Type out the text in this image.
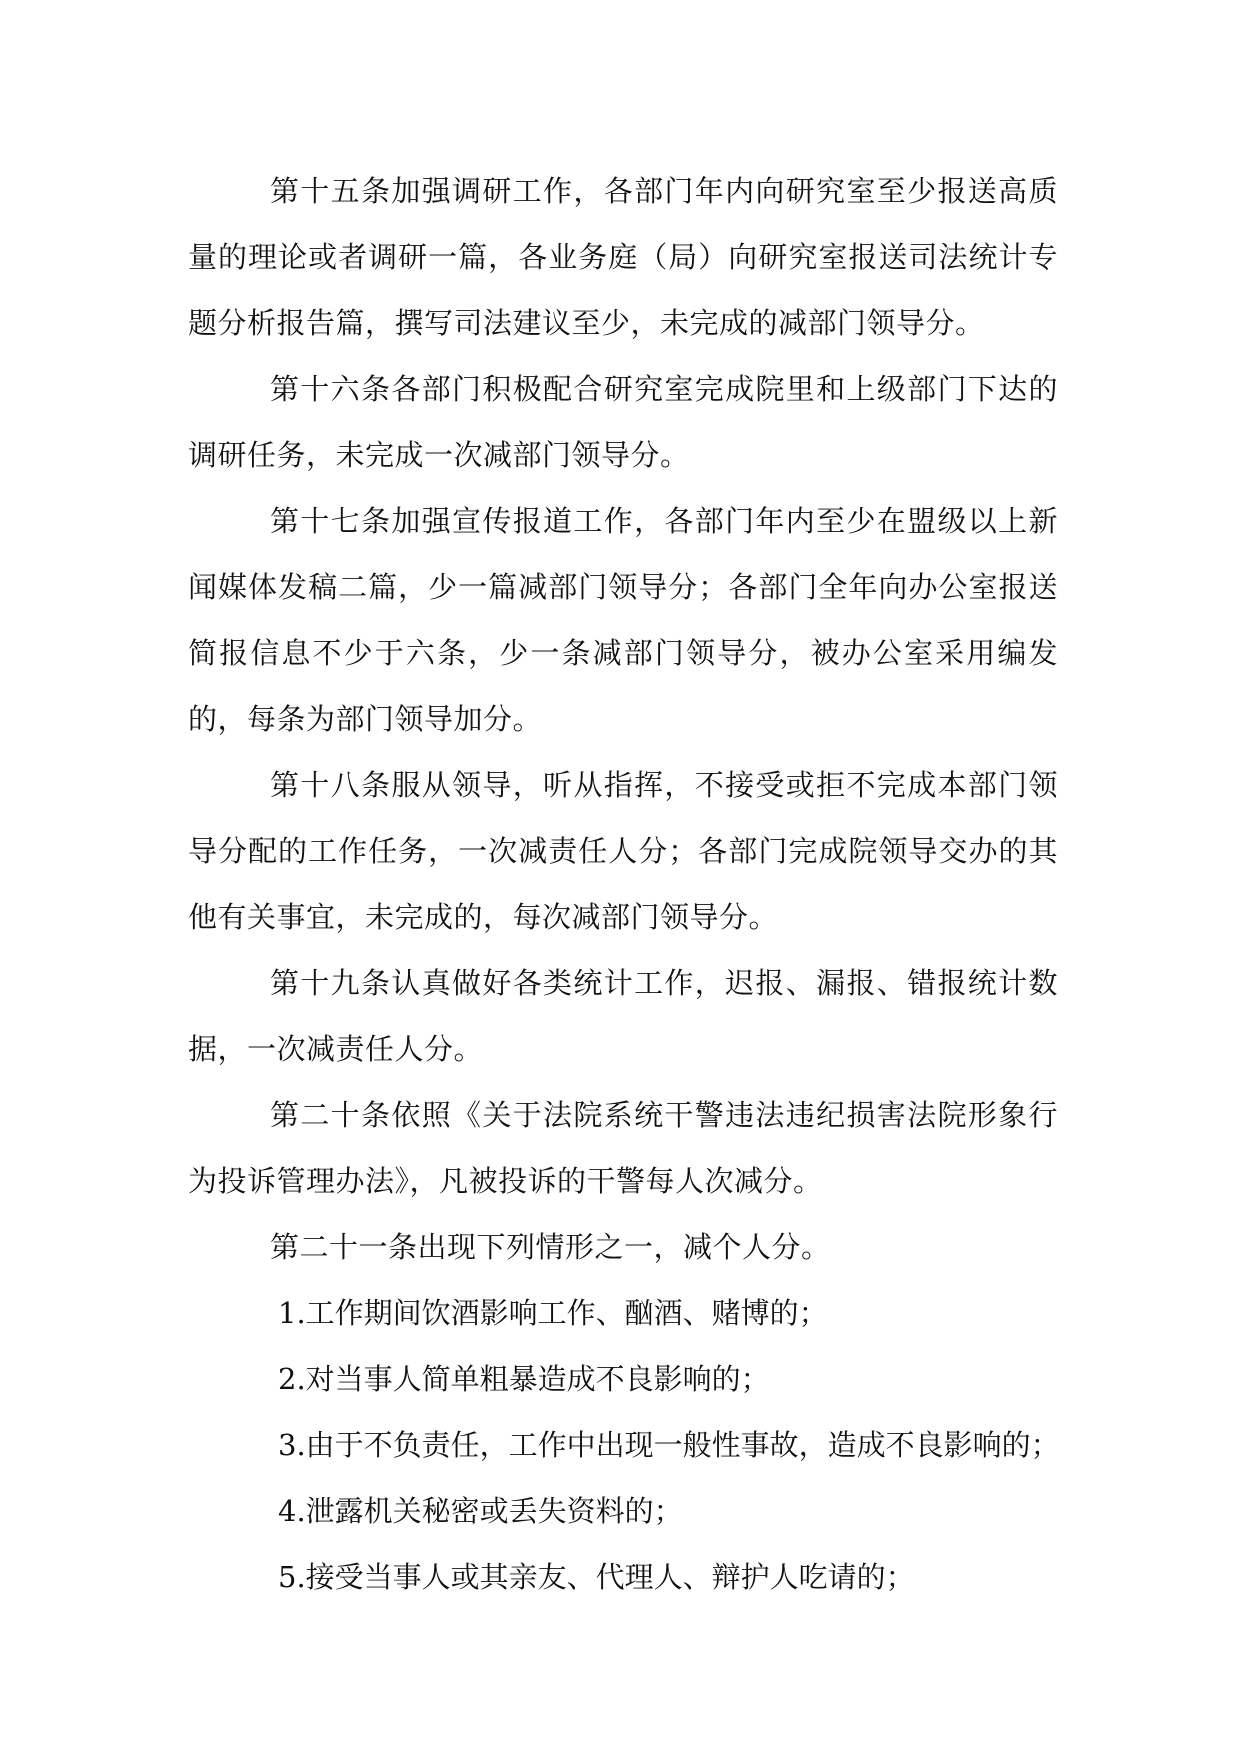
第十五条加强调研工作，各部门年内向研究室至少报送高质量的理论或者调研一篇，各业务庭（局）向研究室报送司法统计专题分析报告篇，撰写司法建议至少，未完成的减部门领导分。

第十六条各部门积极配合研究室完成院里和上级部门下达的调研任务，未完成一次减部门领导分。

第十七条加强宣传报道工作，各部门年内至少在盟级以上新闻媒体发稿二篇，少一篇减部门领导分；各部门全年向办公室报送简报信息不少于六条，少一条减部门领导分，被办公室采用编发的，每条为部门领导加分。

第十八条服从领导，听从指挥，不接受或拒不完成本部门领导分配的工作任务，一次减责任人分；各部门完成院领导交办的其他有关事宜，未完成的，每次减部门领导分。

第十九条认真做好各类统计工作，迟报、漏报、错报统计数据，一次减责任人分。

第二十条依照《关于法院系统干警违法违纪损害法院形象行为投诉管理办法》，凡被投诉的干警每人次减分。

第二十一条出现下列情形之一，减个人分。

1.工作期间饮酒影响工作、酗酒、赌博的；

2.对当事人简单粗暴造成不良影响的；

3.由于不负责任，工作中出现一般性事故，造成不良影响的；

4.泄露机关秘密或丢失资料的；

5.接受当事人或其亲友、代理人、辩护人吃请的；
